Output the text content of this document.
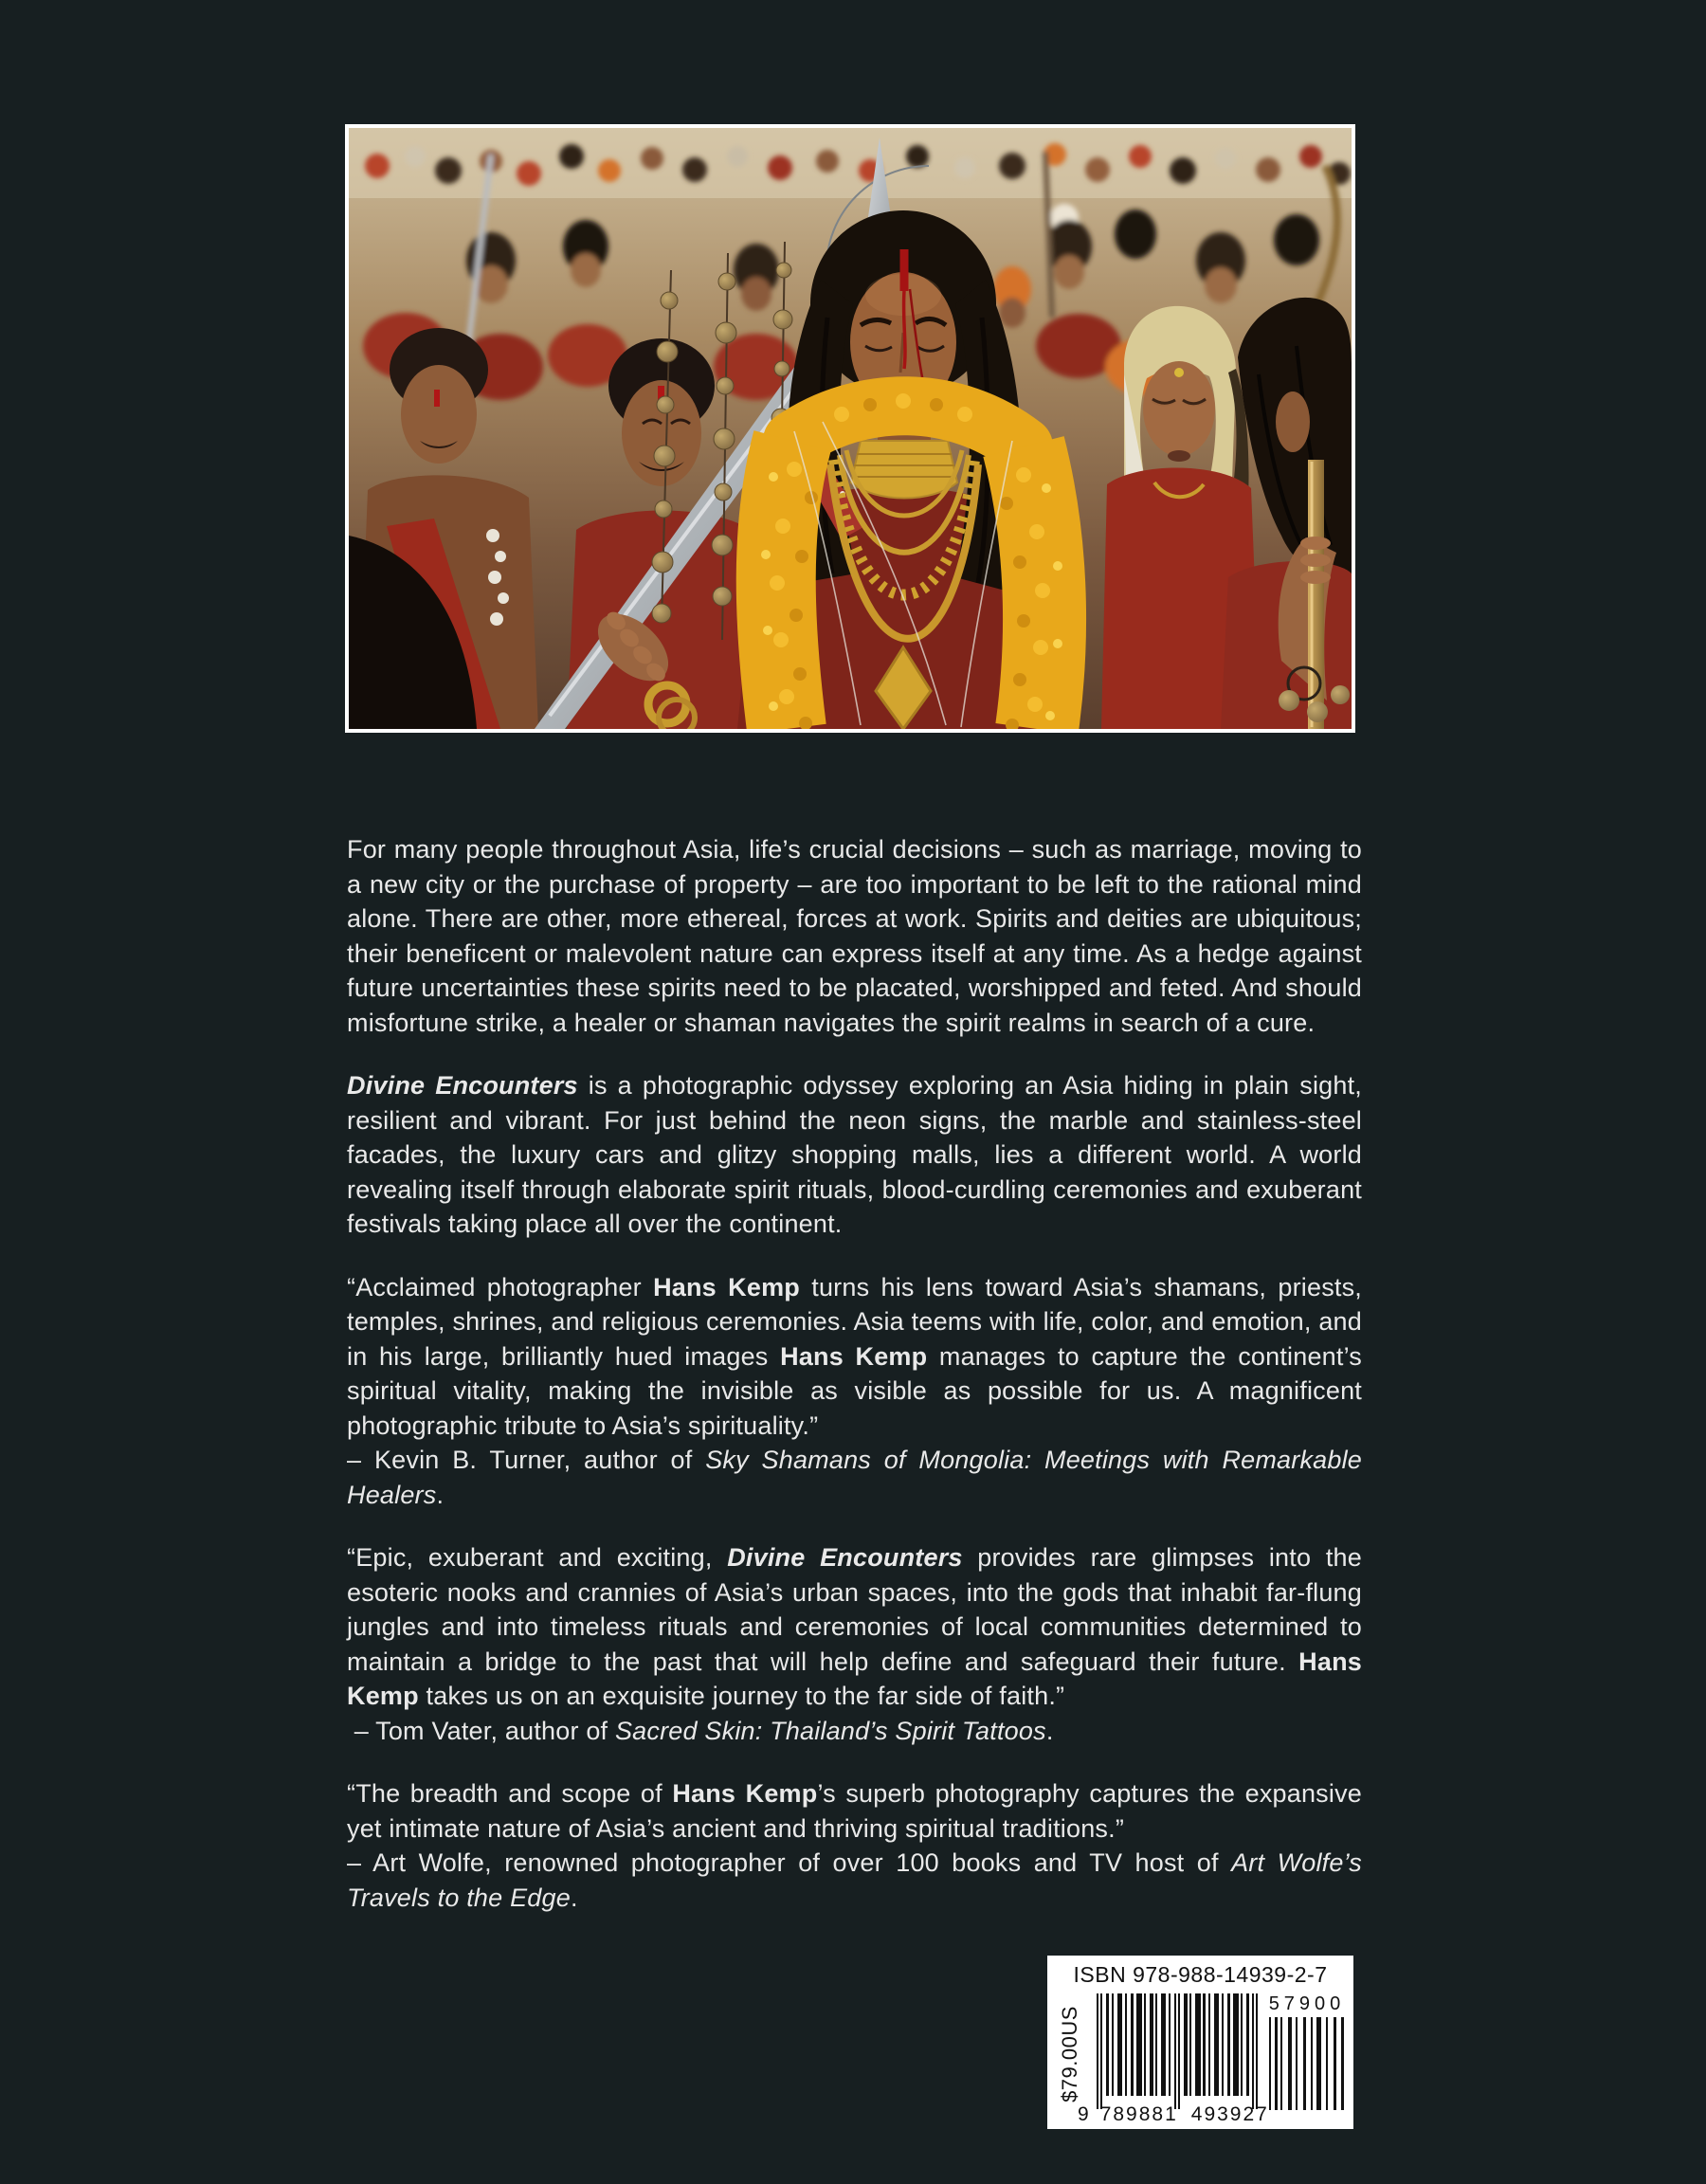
For many people throughout Asia, life’s crucial decisions – such as marriage, moving to a new city or the purchase of property – are too important to be left to the rational mind alone. There are other, more ethereal, forces at work. Spirits and deities are ubiquitous; their beneficent or malevolent nature can express itself at any time. As a hedge against future uncertainties these spirits need to be placated, worshipped and feted. And should misfortune strike, a healer or shaman navigates the spirit realms in search of a cure.

Divine Encounters is a photographic odyssey exploring an Asia hiding in plain sight, resilient and vibrant. For just behind the neon signs, the marble and stainless-steel facades, the luxury cars and glitzy shopping malls, lies a different world. A world revealing itself through elaborate spirit rituals, blood-curdling ceremonies and exuberant festivals taking place all over the continent.

“Acclaimed photographer Hans Kemp turns his lens toward Asia’s shamans, priests, temples, shrines, and religious ceremonies. Asia teems with life, color, and emotion, and in his large, brilliantly hued images Hans Kemp manages to capture the continent’s spiritual vitality, making the invisible as visible as possible for us. A magnificent photographic tribute to Asia’s spirituality.”
– Kevin B. Turner, author of Sky Shamans of Mongolia: Meetings with Remarkable Healers.

“Epic, exuberant and exciting, Divine Encounters provides rare glimpses into the esoteric nooks and crannies of Asia’s urban spaces, into the gods that inhabit far-flung jungles and into timeless rituals and ceremonies of local communities determined to maintain a bridge to the past that will help define and safeguard their future. Hans Kemp takes us on an exquisite journey to the far side of faith.”
– Tom Vater, author of Sacred Skin: Thailand’s Spirit Tattoos.

“The breadth and scope of Hans Kemp’s superb photography captures the expansive yet intimate nature of Asia’s ancient and thriving spiritual traditions.”
– Art Wolfe, renowned photographer of over 100 books and TV host of Art Wolfe’s Travels to the Edge.

ISBN 978-988-14939-2-7
$79.00US
9 789881 493927
57900
